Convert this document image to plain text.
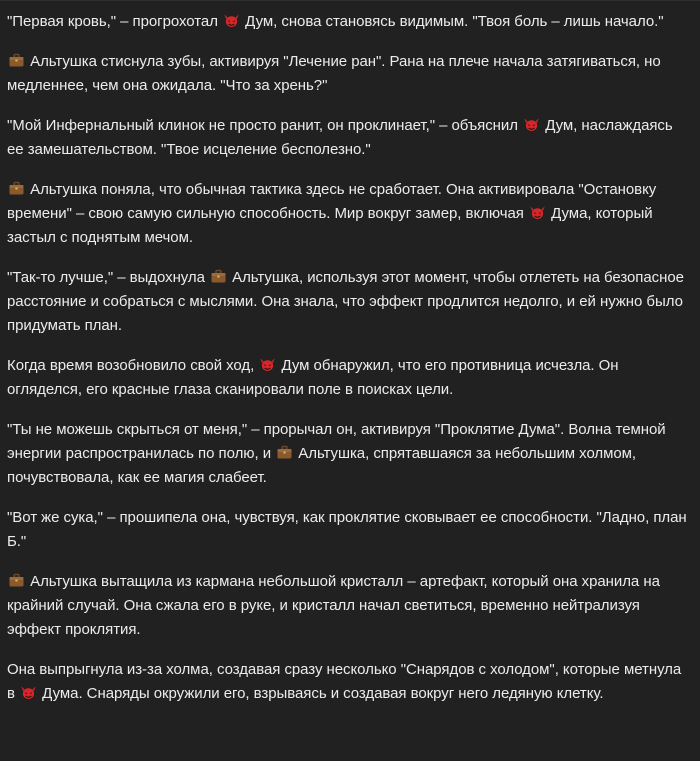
"Первая кровь," – прогрохотал
Дум, снова становясь видимым. "Твоя боль – лишь начало."

Альтушка стиснула зубы, активируя "Лечение ран". Рана на плече начала затягиваться, но медленнее, чем она ожидала. "Что за хрень?"

"Мой Инфернальный клинок не просто ранит, он проклинает," – объяснил
Дум, наслаждаясь ее замешательством. "Твое исцеление бесполезно."

Альтушка поняла, что обычная тактика здесь не сработает. Она активировала "Остановку времени" – свою самую сильную способность. Мир вокруг замер, включая
Дума, который застыл с поднятым мечом.

"Так-то лучше," – выдохнула
Альтушка, используя этот момент, чтобы отлететь на безопасное расстояние и собраться с мыслями. Она знала, что эффект продлится недолго, и ей нужно было придумать план.

Когда время возобновило свой ход,
Дум обнаружил, что его противница исчезла. Он огляделся, его красные глаза сканировали поле в поисках цели.

"Ты не можешь скрыться от меня," – прорычал он, активируя "Проклятие Дума". Волна темной энергии распространилась по полю, и
Альтушка, спрятавшаяся за небольшим холмом, почувствовала, как ее магия слабеет.

"Вот же сука," – прошипела она, чувствуя, как проклятие сковывает ее способности. "Ладно, план Б."

Альтушка вытащила из кармана небольшой кристалл – артефакт, который она хранила на крайний случай. Она сжала его в руке, и кристалл начал светиться, временно нейтрализуя эффект проклятия.

Она выпрыгнула из-за холма, создавая сразу несколько "Снарядов с холодом", которые метнула в
Дума. Снаряды окружили его, взрываясь и создавая вокруг него ледяную клетку.
